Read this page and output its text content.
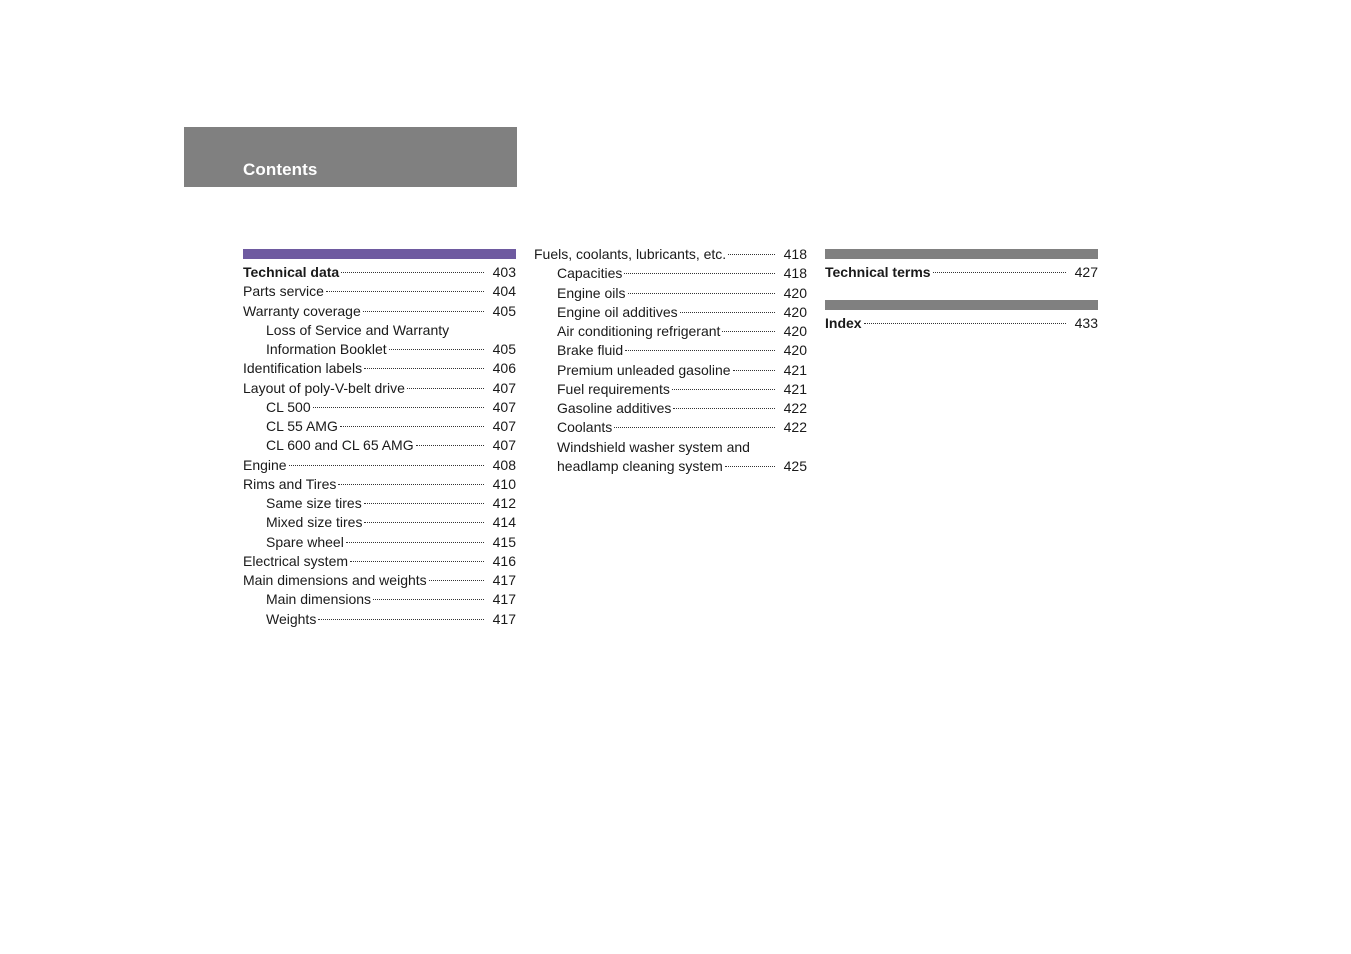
Contents
Technical data	403
Parts service	404
Warranty coverage	405
Loss of Service and Warranty
Information Booklet	405
Identification labels	406
Layout of poly-V-belt drive	407
CL 500	407
CL 55 AMG	407
CL 600 and CL 65 AMG	407
Engine	408
Rims and Tires	410
Same size tires	412
Mixed size tires	414
Spare wheel	415
Electrical system	416
Main dimensions and weights	417
Main dimensions	417
Weights	417
Fuels, coolants, lubricants, etc.	418
Capacities	418
Engine oils	420
Engine oil additives	420
Air conditioning refrigerant	420
Brake fluid	420
Premium unleaded gasoline	421
Fuel requirements	421
Gasoline additives	422
Coolants	422
Windshield washer system and
headlamp cleaning system	425
Technical terms	427
Index	433
